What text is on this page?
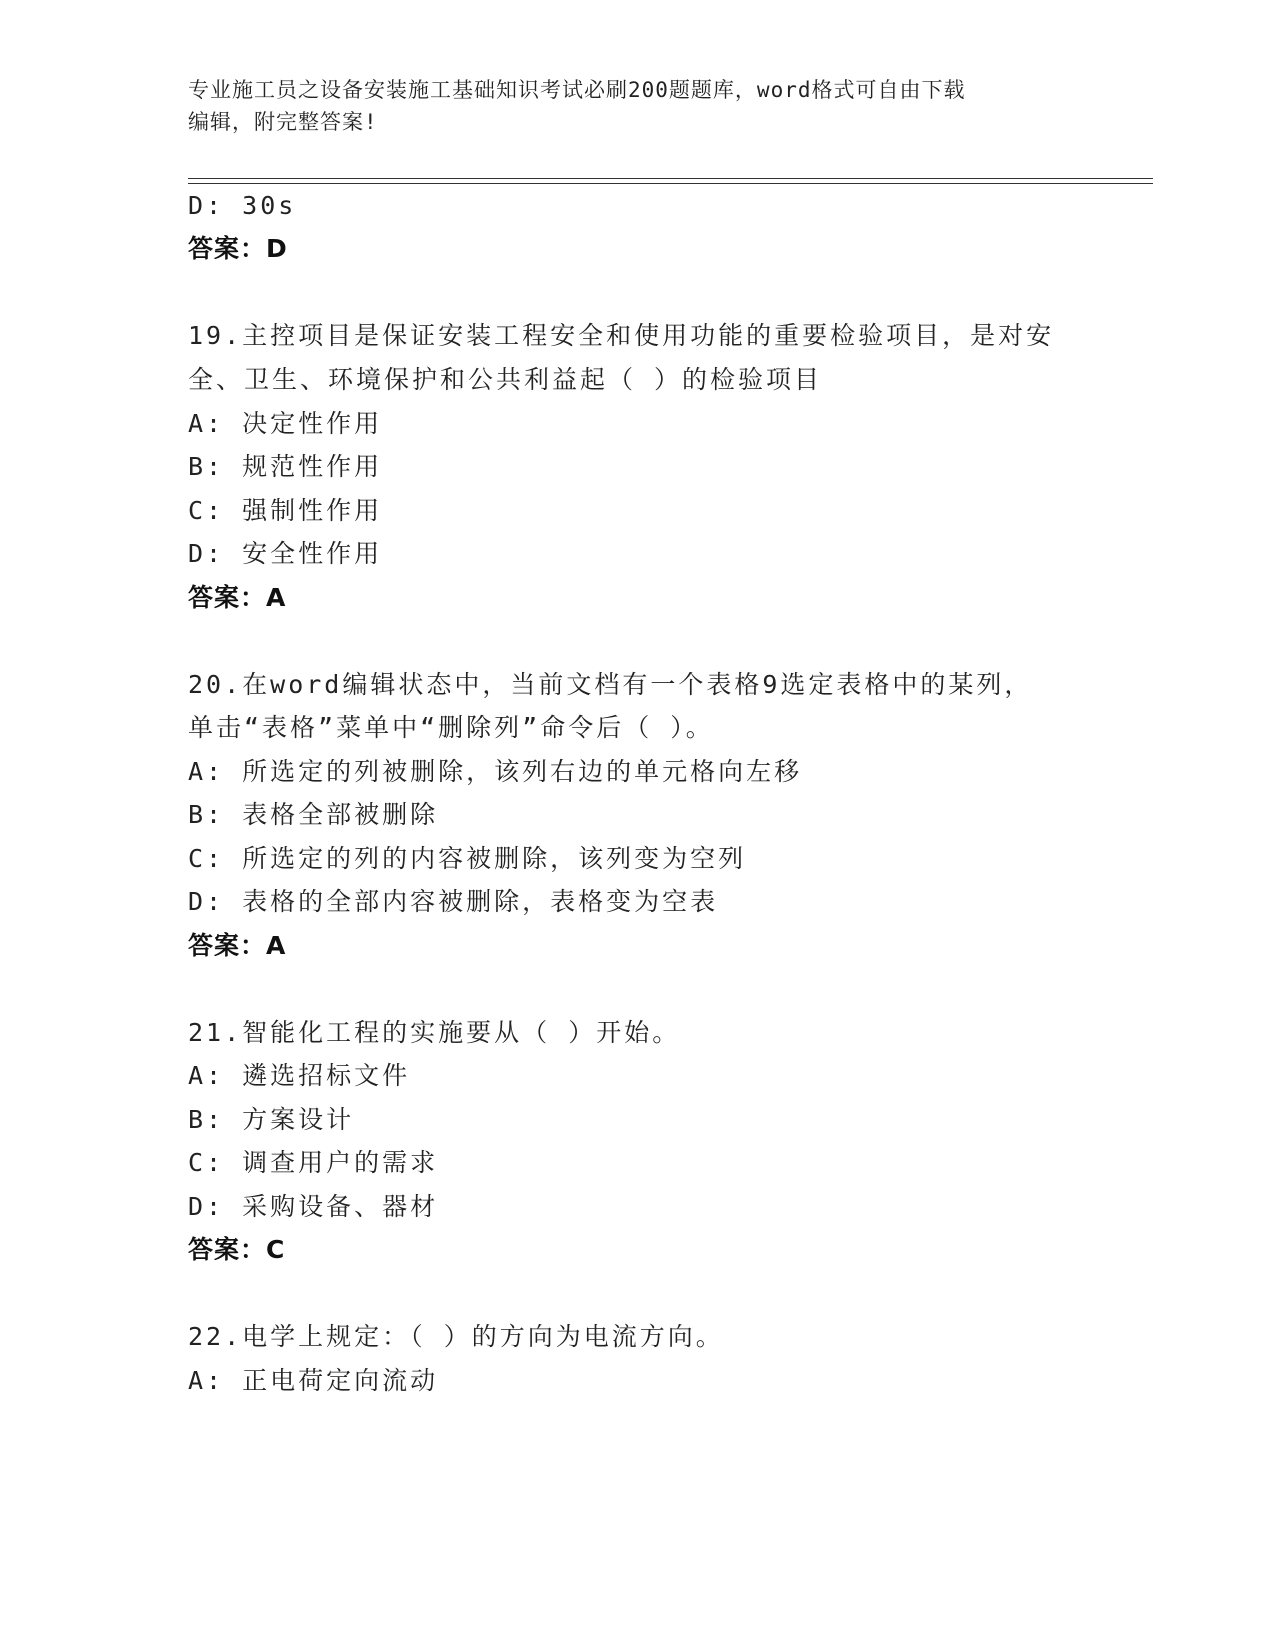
专业施工员之设备安装施工基础知识考试必刷200题题库，word格式可自由下载
编辑，附完整答案!
D: 30s
答案：D
19.主控项目是保证安装工程安全和使用功能的重要检验项目，是对安
全、卫生、环境保护和公共利益起（ ）的检验项目
A: 决定性作用
B: 规范性作用
C: 强制性作用
D: 安全性作用
答案：A
20.在word编辑状态中，当前文档有一个表格9选定表格中的某列，
单击“表格”菜单中“删除列”命令后（ ）。
A: 所选定的列被删除，该列右边的单元格向左移
B: 表格全部被删除
C: 所选定的列的内容被删除，该列变为空列
D: 表格的全部内容被删除，表格变为空表
答案：A
21.智能化工程的实施要从（ ）开始。
A: 遴选招标文件
B: 方案设计
C: 调查用户的需求
D: 采购设备、器材
答案：C
22.电学上规定：（ ）的方向为电流方向。
A: 正电荷定向流动
